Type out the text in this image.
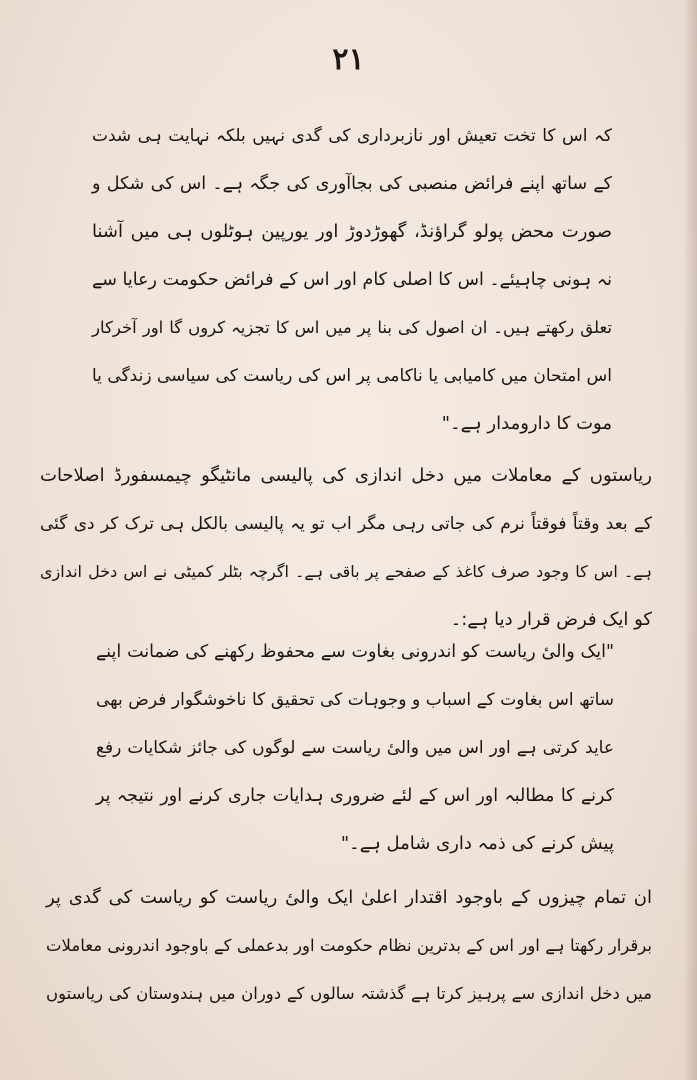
۲۱
کہ اس کا تخت تعیش اور نازبرداری کی گدی نہیں بلکہ نہایت ہی شدت
کے ساتھ اپنے فرائض منصبی کی بجاآوری کی جگہ ہے۔ اس کی شکل و
صورت محض پولو گراؤنڈ، گھوڑدوڑ اور یورپین ہوٹلوں ہی میں آشنا
نہ ہونی چاہیئے۔ اس کا اصلی کام اور اس کے فرائض حکومت رعایا سے
تعلق رکھتے ہیں۔ ان اصول کی بنا پر میں اس کا تجزیہ کروں گا اور آخرکار
اس امتحان میں کامیابی یا ناکامی پر اس کی ریاست کی سیاسی زندگی یا
موت کا دارومدار ہے۔"
ریاستوں کے معاملات میں دخل اندازی کی پالیسی مانٹیگو چیمسفورڈ اصلاحات
کے بعد وقتاً فوقتاً نرم کی جاتی رہی مگر اب تو یہ پالیسی بالکل ہی ترک کر دی گئی
ہے۔ اس کا وجود صرف کاغذ کے صفحے پر باقی ہے۔ اگرچہ بٹلر کمیٹی نے اس دخل اندازی
کو ایک فرض قرار دیا ہے:۔
"ایک والیٔ ریاست کو اندرونی بغاوت سے محفوظ رکھنے کی ضمانت اپنے
ساتھ اس بغاوت کے اسباب و وجوہات کی تحقیق کا ناخوشگوار فرض بھی
عاید کرتی ہے اور اس میں والیٔ ریاست سے لوگوں کی جائز شکایات رفع
کرنے کا مطالبہ اور اس کے لئے ضروری ہدایات جاری کرنے اور نتیجہ پر
پیش کرنے کی ذمہ داری شامل ہے۔"
ان تمام چیزوں کے باوجود اقتدار اعلیٰ ایک والیٔ ریاست کو ریاست کی گدی پر
برقرار رکھتا ہے اور اس کے بدترین نظام حکومت اور بدعملی کے باوجود اندرونی معاملات
میں دخل اندازی سے پرہیز کرتا ہے گذشتہ سالوں کے دوران میں ہندوستان کی ریاستوں
